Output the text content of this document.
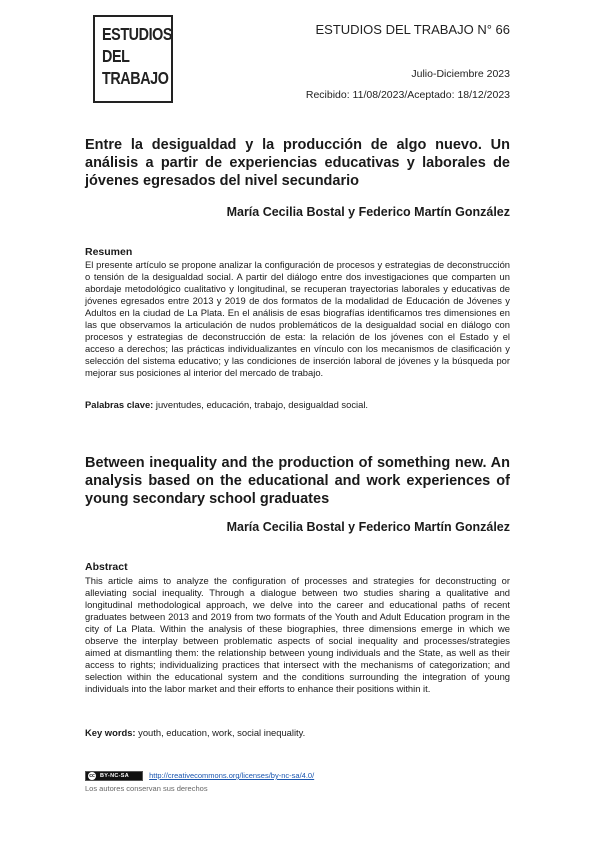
ESTUDIOS
DEL
TRABAJO
ESTUDIOS DEL TRABAJO N° 66
Julio-Diciembre 2023
Recibido: 11/08/2023/Aceptado: 18/12/2023
Entre la desigualdad y la producción de algo nuevo. Un análisis a partir de experiencias educativas y laborales de jóvenes egresados del nivel secundario

María Cecilia Bostal y Federico Martín González

Resumen

El presente artículo se propone analizar la configuración de procesos y estrategias de deconstrucción o tensión de la desigualdad social. A partir del diálogo entre dos investigaciones que comparten un abordaje metodológico cualitativo y longitudinal, se recuperan trayectorias laborales y educativas de jóvenes egresados entre 2013 y 2019 de dos formatos de la modalidad de Educación de Jóvenes y Adultos en la ciudad de La Plata. En el análisis de esas biografías identificamos tres dimensiones en las que observamos la articulación de nudos problemáticos de la desigualdad social en diálogo con procesos y estrategias de deconstrucción de esta: la relación de los jóvenes con el Estado y el acceso a derechos; las prácticas individualizantes en vínculo con los mecanismos de clasificación y selección del sistema educativo; y las condiciones de inserción laboral de jóvenes y la búsqueda por mejorar sus posiciones al interior del mercado de trabajo.

Palabras clave: juventudes, educación, trabajo, desigualdad social.

Between inequality and the production of something new. An analysis based on the educational and work experiences of young secondary school graduates

María Cecilia Bostal y Federico Martín González

Abstract

This article aims to analyze the configuration of processes and strategies for deconstructing or alleviating social inequality. Through a dialogue between two studies sharing a qualitative and longitudinal methodological approach, we delve into the career and educational paths of recent graduates between 2013 and 2019 from two formats of the Youth and Adult Education program in the city of La Plata. Within the analysis of these biographies, three dimensions emerge in which we observe the interplay between problematic aspects of social inequality and processes/strategies aimed at dismantling them: the relationship between young individuals and the State, as well as their access to rights; individualizing practices that intersect with the mechanisms of categorization; and selection within the educational system and the conditions surrounding the integration of young individuals into the labor market and their efforts to enhance their positions within it.

Key words: youth, education, work, social inequality.

cc BY-NC-SA	http://creativecommons.org/licenses/by-nc-sa/4.0/
Los autores conservan sus derechos
